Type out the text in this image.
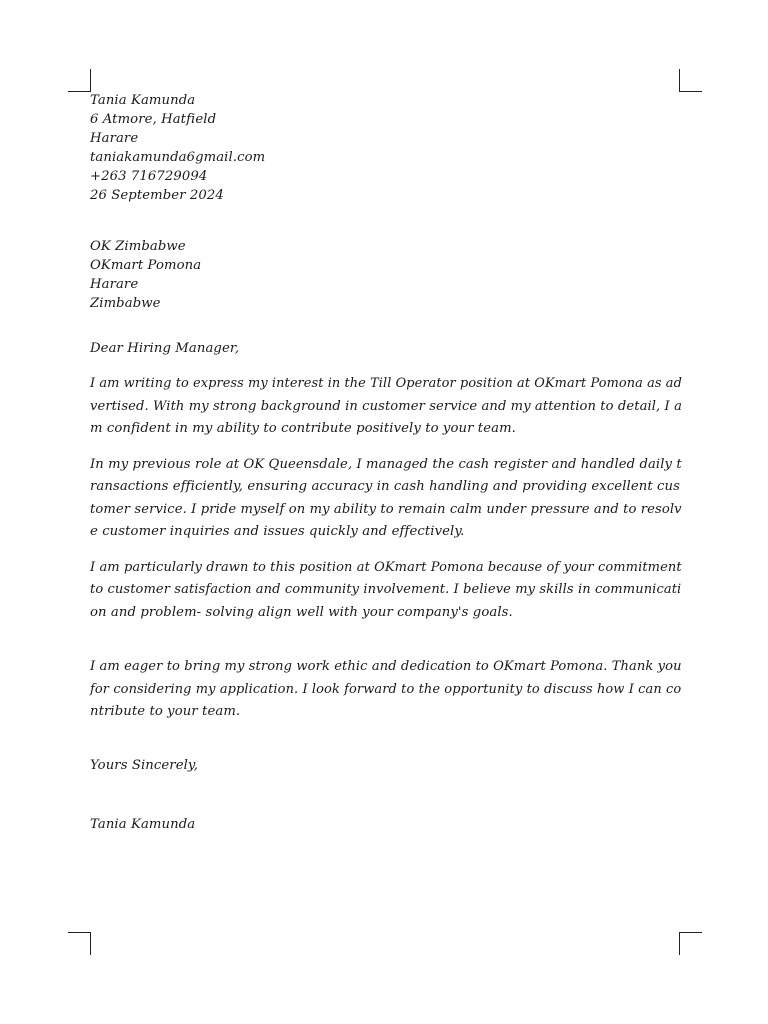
Tania Kamunda
6 Atmore, Hatfield
Harare
taniakamunda6gmail.com
+263 716729094
26 September 2024
OK Zimbabwe
OKmart Pomona
Harare
Zimbabwe
Dear Hiring Manager,
I am writing to express my interest in the Till Operator position at OKmart Pomona as ad
vertised. With my strong background in customer service and my attention to detail, I a
m confident in my ability to contribute positively to your team.
In my previous role at OK Queensdale, I managed the cash register and handled daily t
ransactions efficiently, ensuring accuracy in cash handling and providing excellent cus
tomer service. I pride myself on my ability to remain calm under pressure and to resolv
e customer inquiries and issues quickly and effectively.
I am particularly drawn to this position at OKmart Pomona because of your commitment
to customer satisfaction and community involvement. I believe my skills in communicati
on and problem- solving align well with your company's goals.
I am eager to bring my strong work ethic and dedication to OKmart Pomona. Thank you
for considering my application. I look forward to the opportunity to discuss how I can co
ntribute to your team.
Yours Sincerely,
Tania Kamunda
